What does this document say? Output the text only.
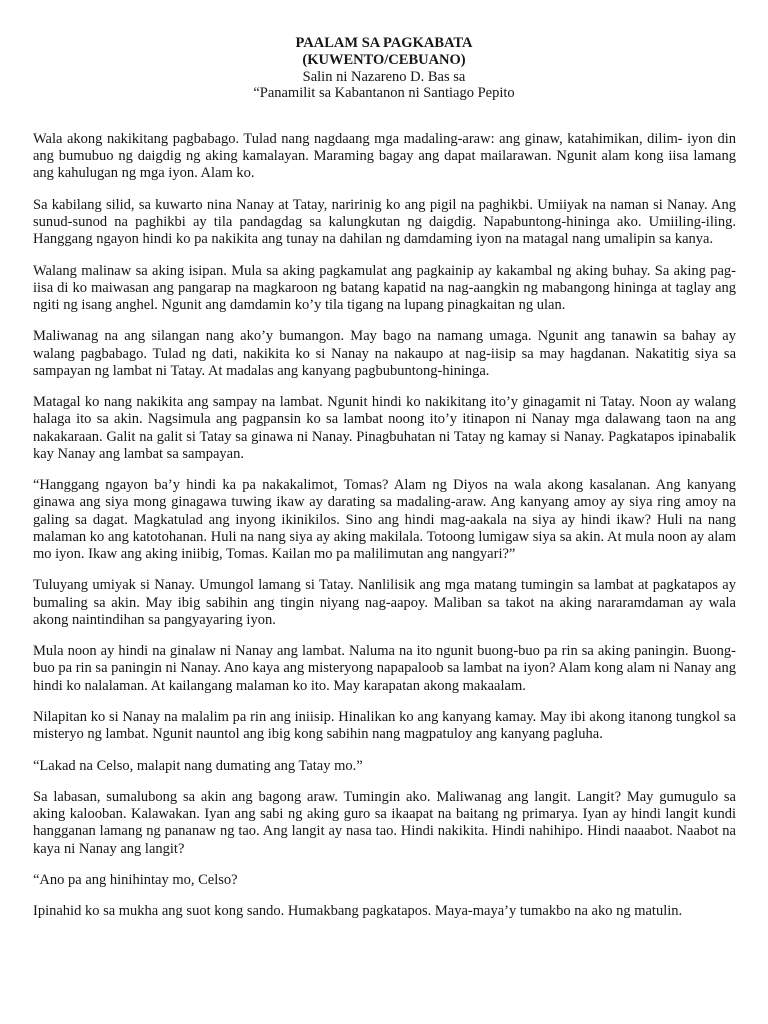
PAALAM SA PAGKABATA
(KUWENTO/CEBUANO)
Salin ni Nazareno D. Bas sa
“Panamilit sa Kabantanon ni Santiago Pepito

Wala akong nakikitang pagbabago. Tulad nang nagdaang mga madaling-araw: ang ginaw, katahimikan, dilim- iyon din ang bumubuo ng daigdig ng aking kamalayan. Maraming bagay ang dapat mailarawan. Ngunit alam kong iisa lamang ang kahulugan ng mga iyon. Alam ko.

Sa kabilang silid, sa kuwarto nina Nanay at Tatay, naririnig ko ang pigil na paghikbi. Umiiyak na naman si Nanay. Ang sunud-sunod na paghikbi ay tila pandagdag sa kalungkutan ng daigdig. Napabuntong-hininga ako. Umiiling-iling. Hanggang ngayon hindi ko pa nakikita ang tunay na dahilan ng damdaming iyon na matagal nang umalipin sa kanya.

Walang malinaw sa aking isipan. Mula sa aking pagkamulat ang pagkainip ay kakambal ng aking buhay. Sa aking pag-iisa di ko maiwasan ang pangarap na magkaroon ng batang kapatid na nag-aangkin ng mabangong hininga at taglay ang ngiti ng isang anghel. Ngunit ang damdamin ko’y tila tigang na lupang pinagkaitan ng ulan.

Maliwanag na ang silangan nang ako’y bumangon. May bago na namang umaga. Ngunit ang tanawin sa bahay ay walang pagbabago. Tulad ng dati, nakikita ko si Nanay na nakaupo at nag-iisip sa may hagdanan. Nakatitig siya sa sampayan ng lambat ni Tatay. At madalas ang kanyang pagbubuntong-hininga.

Matagal ko nang nakikita ang sampay na lambat. Ngunit hindi ko nakikitang ito’y ginagamit ni Tatay. Noon ay walang halaga ito sa akin. Nagsimula ang pagpansin ko sa lambat noong ito’y itinapon ni Nanay mga dalawang taon na ang nakakaraan. Galit na galit si Tatay sa ginawa ni Nanay. Pinagbuhatan ni Tatay ng kamay si Nanay. Pagkatapos ipinabalik kay Nanay ang lambat sa sampayan.

“Hanggang ngayon ba’y hindi ka pa nakakalimot, Tomas? Alam ng Diyos na wala akong kasalanan. Ang kanyang ginawa ang siya mong ginagawa tuwing ikaw ay darating sa madaling-araw. Ang kanyang amoy ay siya ring amoy na galing sa dagat. Magkatulad ang inyong ikinikilos. Sino ang hindi mag-aakala na siya ay hindi ikaw? Huli na nang malaman ko ang katotohanan. Huli na nang siya ay aking makilala. Totoong lumigaw siya sa akin. At mula noon ay alam mo iyon. Ikaw ang aking iniibig, Tomas. Kailan mo pa malilimutan ang nangyari?”

Tuluyang umiyak si Nanay. Umungol lamang si Tatay. Nanlilisik ang mga matang tumingin sa lambat at pagkatapos ay bumaling sa akin. May ibig sabihin ang tingin niyang nag-aapoy. Maliban sa takot na aking nararamdaman ay wala akong naintindihan sa pangyayaring iyon.

Mula noon ay hindi na ginalaw ni Nanay ang lambat. Naluma na ito ngunit buong-buo pa rin sa aking paningin. Buong-buo pa rin sa paningin ni Nanay. Ano kaya ang misteryong napapaloob sa lambat na iyon? Alam kong alam ni Nanay ang hindi ko nalalaman. At kailangang malaman ko ito. May karapatan akong makaalam.

Nilapitan ko si Nanay na malalim pa rin ang iniisip. Hinalikan ko ang kanyang kamay. May ibi akong itanong tungkol sa misteryo ng lambat. Ngunit nauntol ang ibig kong sabihin nang magpatuloy ang kanyang pagluha.

“Lakad na Celso, malapit nang dumating ang Tatay mo.”

Sa labasan, sumalubong sa akin ang bagong araw. Tumingin ako. Maliwanag ang langit. Langit? May gumugulo sa aking kalooban. Kalawakan. Iyan ang sabi ng aking guro sa ikaapat na baitang ng primarya. Iyan ay hindi langit kundi hangganan lamang ng pananaw ng tao. Ang langit ay nasa tao. Hindi nakikita. Hindi nahihipo. Hindi naaabot. Naabot na kaya ni Nanay ang langit?

“Ano pa ang hinihintay mo, Celso?

Ipinahid ko sa mukha ang suot kong sando. Humakbang pagkatapos. Maya-maya’y tumakbo na ako ng matulin.
